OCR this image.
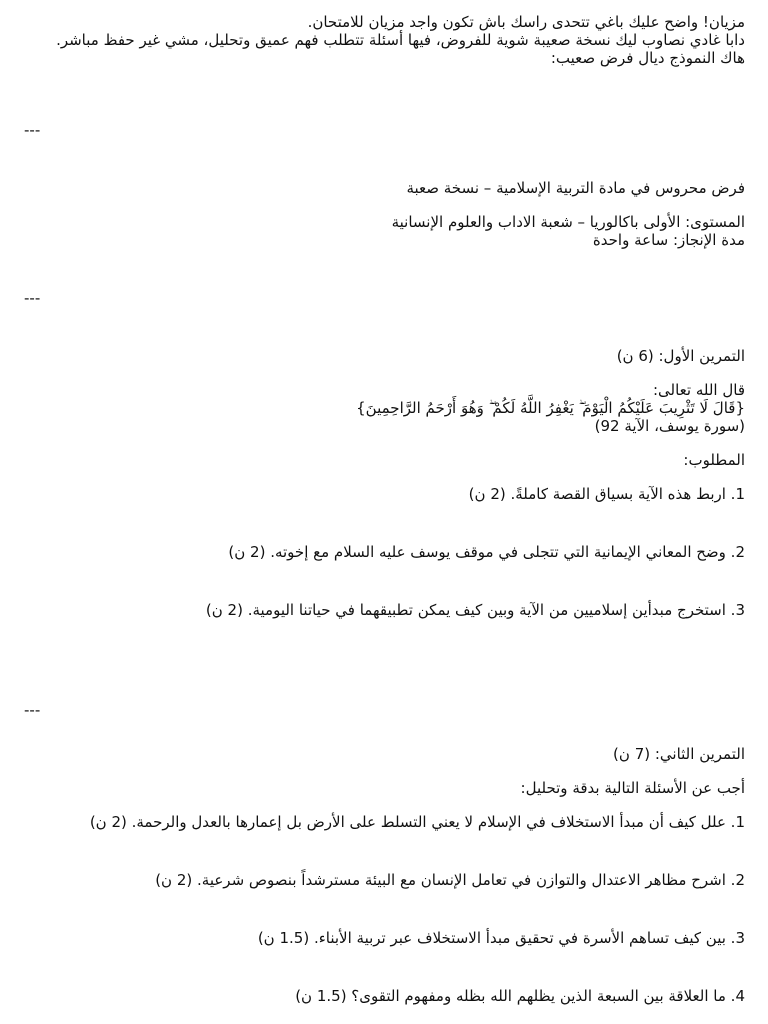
مزيان! واضح عليك باغي تتحدى راسك باش تكون واجد مزيان للامتحان.
دابا غادي نصاوب ليك نسخة صعيبة شوية للفروض، فيها أسئلة تتطلب فهم عميق وتحليل، مشي غير حفظ مباشر.
هاك النموذج ديال فرض صعيب:
---
فرض محروس في مادة التربية الإسلامية – نسخة صعبة
المستوى: الأولى باكالوريا – شعبة الاداب والعلوم الإنسانية
مدة الإنجاز: ساعة واحدة
---
التمرين الأول: (6 ن)
قال الله تعالى:
{قَالَ لَا تَثْرِيبَ عَلَيْكُمُ الْيَوْمَ ۖ يَغْفِرُ اللَّهُ لَكُمْ ۖ وَهُوَ أَرْحَمُ الرَّاحِمِينَ}
(سورة يوسف، الآية 92)
المطلوب:
1. اربط هذه الآية بسياق القصة كاملةً. (2 ن)
2. وضح المعاني الإيمانية التي تتجلى في موقف يوسف عليه السلام مع إخوته. (2 ن)
3. استخرج مبدأين إسلاميين من الآية وبين كيف يمكن تطبيقهما في حياتنا اليومية. (2 ن)
---
التمرين الثاني: (7 ن)
أجب عن الأسئلة التالية بدقة وتحليل:
1. علل كيف أن مبدأ الاستخلاف في الإسلام لا يعني التسلط على الأرض بل إعمارها بالعدل والرحمة. (2 ن)
2. اشرح مظاهر الاعتدال والتوازن في تعامل الإنسان مع البيئة مسترشداً بنصوص شرعية. (2 ن)
3. بين كيف تساهم الأسرة في تحقيق مبدأ الاستخلاف عبر تربية الأبناء. (1.5 ن)
4. ما العلاقة بين السبعة الذين يظلهم الله بظله ومفهوم التقوى؟ (1.5 ن)
